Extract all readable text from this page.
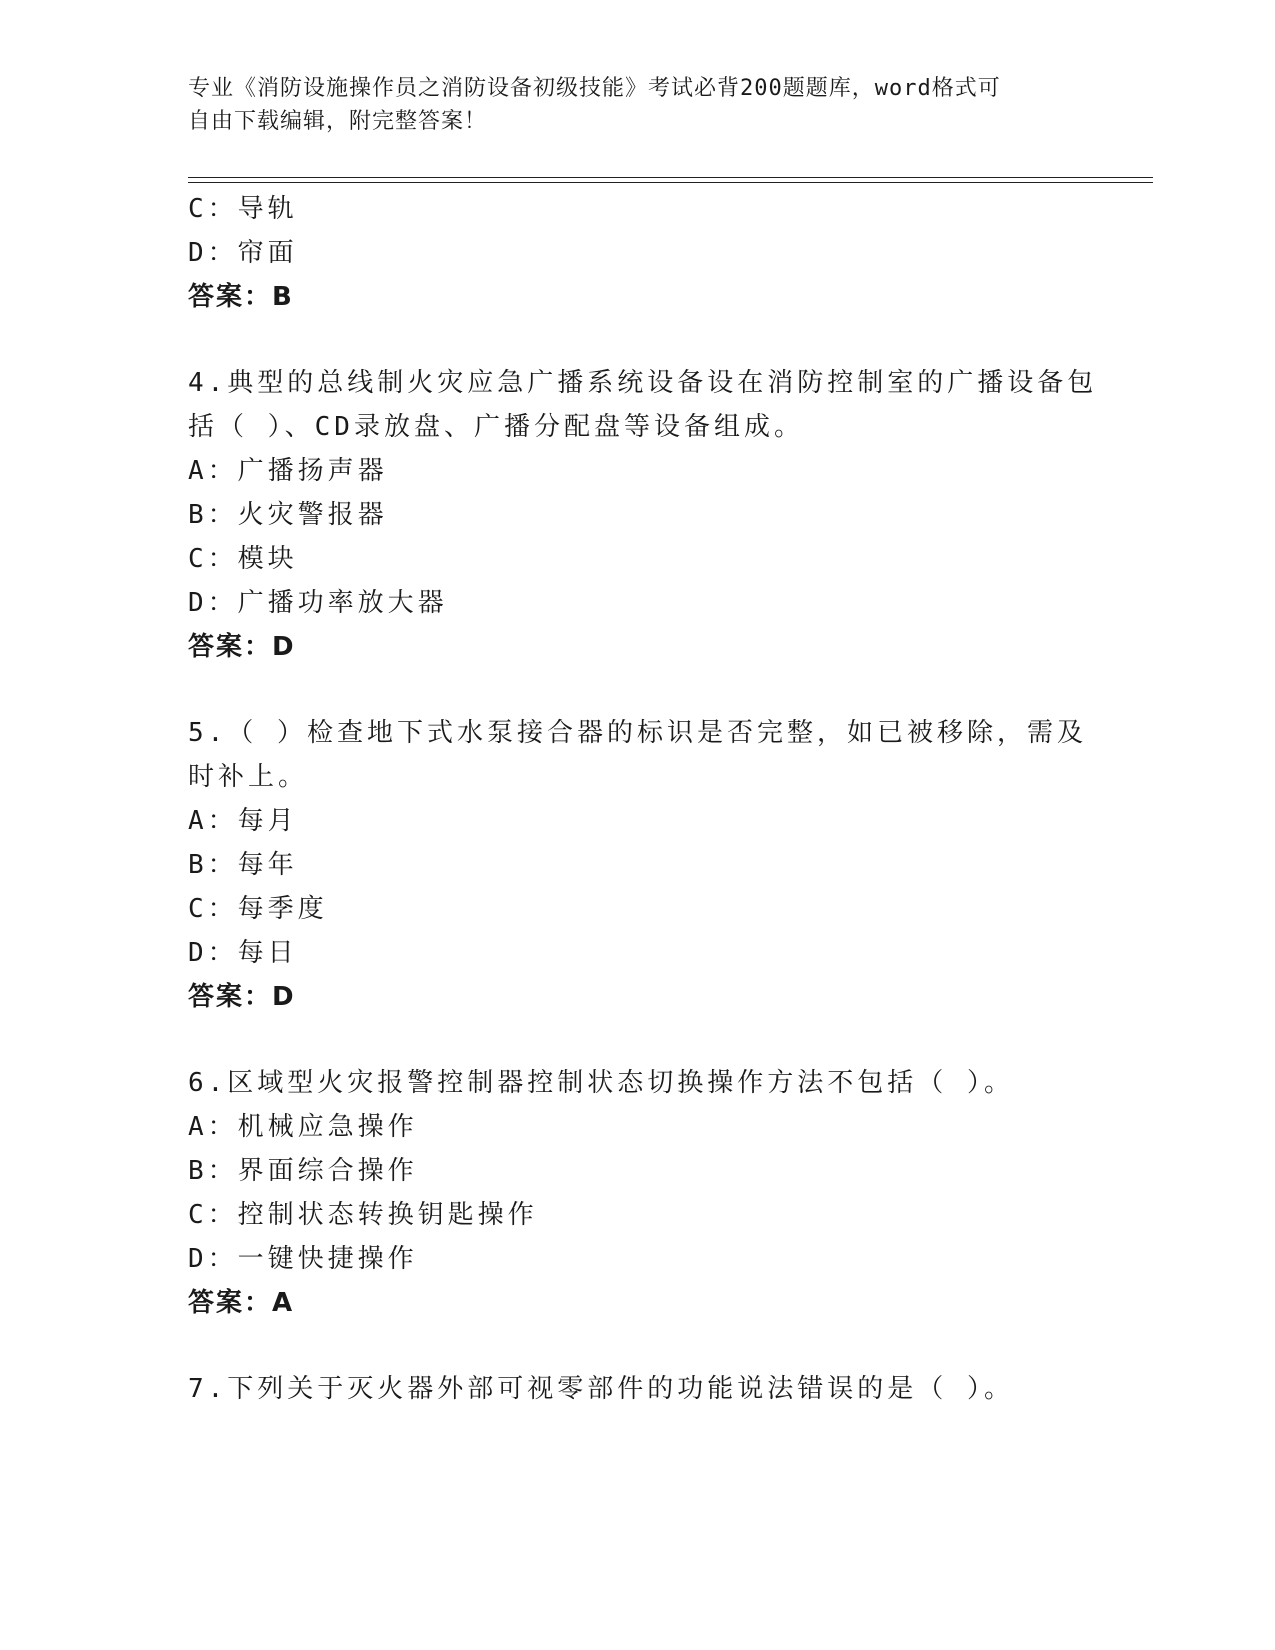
专业《消防设施操作员之消防设备初级技能》考试必背200题题库，word格式可
自由下载编辑，附完整答案！
C：导轨
D：帘面
答案：B
4.典型的总线制火灾应急广播系统设备设在消防控制室的广播设备包
括（ ）、CD录放盘、广播分配盘等设备组成。
A：广播扬声器
B：火灾警报器
C：模块
D：广播功率放大器
答案：D
5.（ ）检查地下式水泵接合器的标识是否完整，如已被移除，需及
时补上。
A：每月
B：每年
C：每季度
D：每日
答案：D
6.区域型火灾报警控制器控制状态切换操作方法不包括（ ）。
A：机械应急操作
B：界面综合操作
C：控制状态转换钥匙操作
D：一键快捷操作
答案：A
7.下列关于灭火器外部可视零部件的功能说法错误的是（ ）。
